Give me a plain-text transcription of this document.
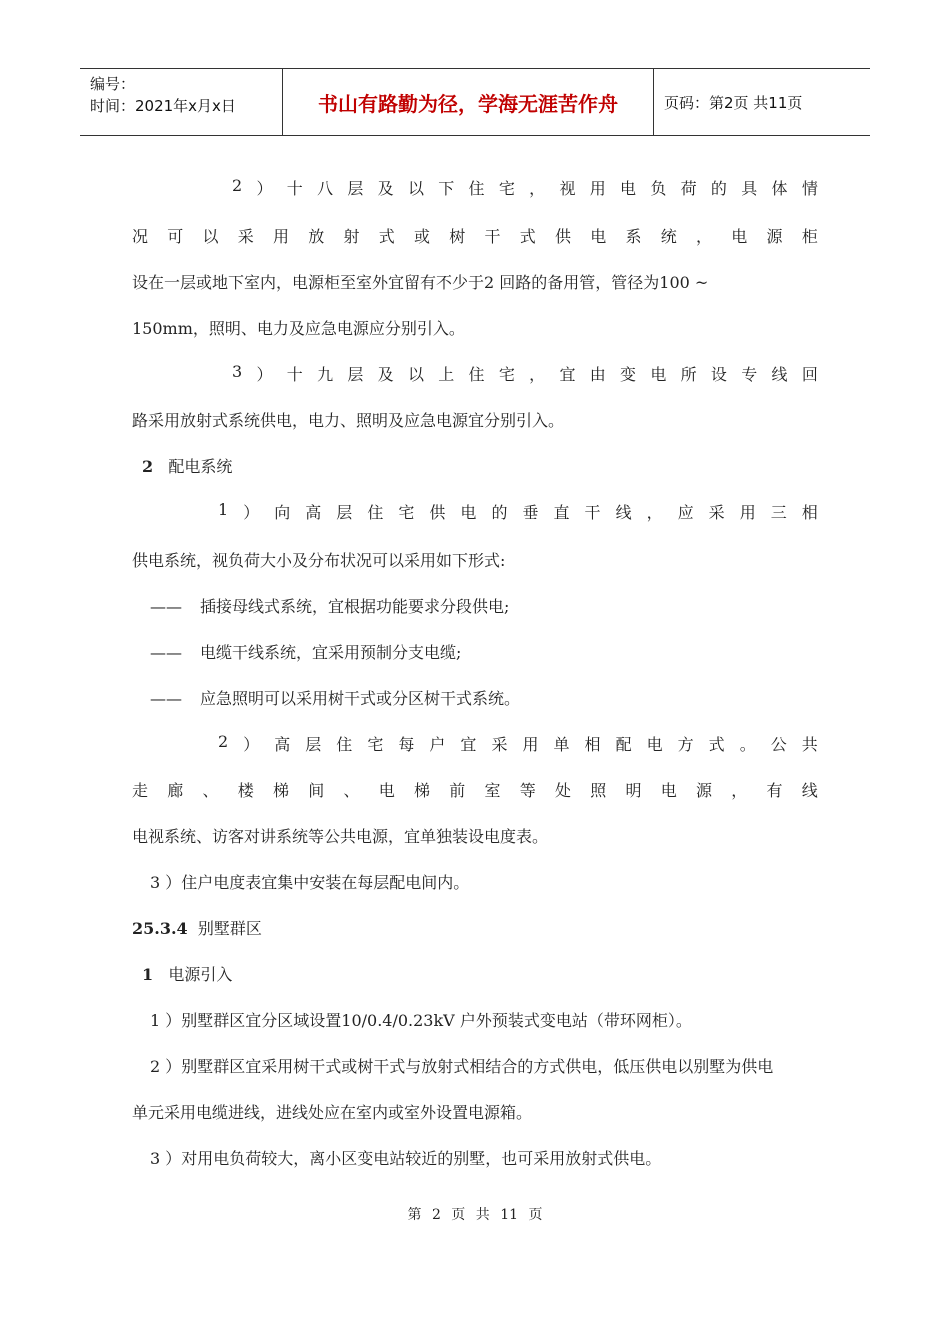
编号：
时间：2021年x月x日	书山有路勤为径，学海无涯苦作舟	页码：第2页 共11页
2 ） 十 八 层 及 以 下 住 宅 ， 视 用 电 负 荷 的 具 体 情
况 可 以 采 用 放 射 式 或 树 干 式 供 电 系 统 ， 电 源 柜
设在一层或地下室内，电源柜至室外宜留有不少于2 回路的备用管，管径为100 ~
150mm，照明、电力及应急电源应分别引入。
3 ） 十 九 层 及 以 上 住 宅 ， 宜 由 变 电 所 设 专 线 回
路采用放射式系统供电，电力、照明及应急电源宜分别引入。
2 配电系统
1 ） 向 高 层 住 宅 供 电 的 垂 直 干 线 ， 应 采 用 三 相
供电系统，视负荷大小及分布状况可以采用如下形式:
—— 插接母线式系统，宜根据功能要求分段供电;
—— 电缆干线系统，宜采用预制分支电缆;
—— 应急照明可以采用树干式或分区树干式系统。
2 ） 高 层 住 宅 每 户 宜 采 用 单 相 配 电 方 式 。 公 共
走 廊 、 楼 梯 间 、 电 梯 前 室 等 处 照 明 电 源 ， 有 线
电视系统、访客对讲系统等公共电源，宜单独装设电度表。
3 ）住户电度表宜集中安装在每层配电间内。
25.3.4 别墅群区
1 电源引入
1 ）别墅群区宜分区域设置10/0.4/0.23kV 户外预装式变电站（带环网柜）。
2 ）别墅群区宜采用树干式或树干式与放射式相结合的方式供电，低压供电以别墅为供电
单元采用电缆进线，进线处应在室内或室外设置电源箱。
3 ）对用电负荷较大，离小区变电站较近的别墅，也可采用放射式供电。
第 2 页 共 11 页
